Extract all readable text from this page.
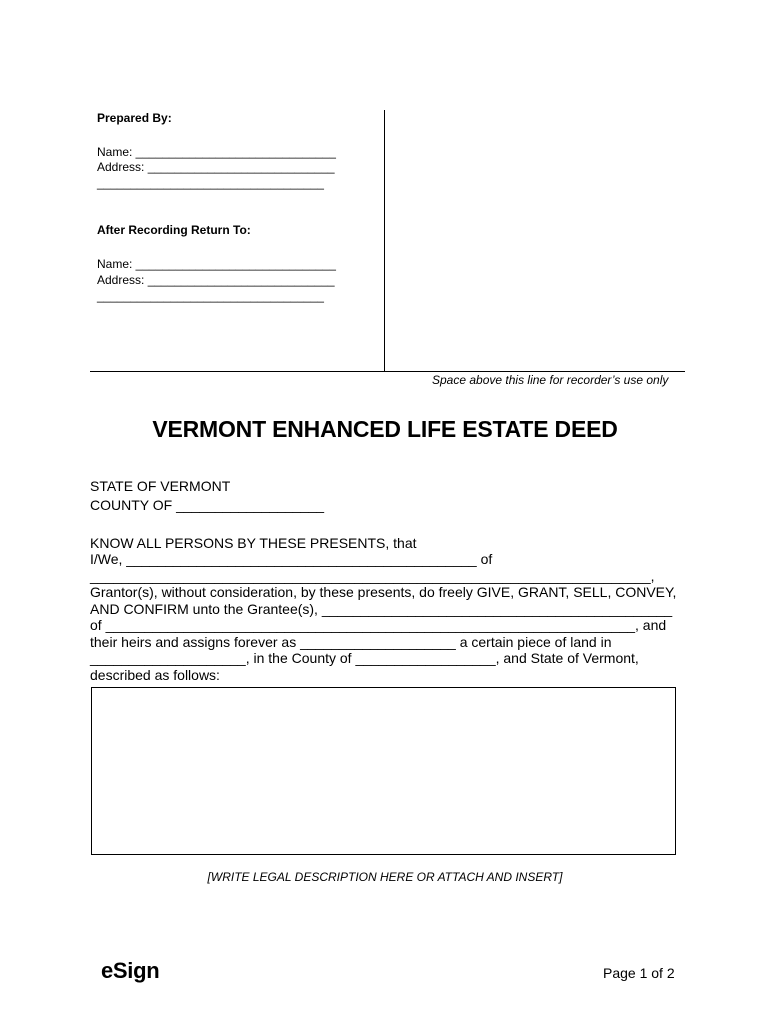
Prepared By:
Name: ______________________________
Address: ____________________________
__________________________________
After Recording Return To:
Name: ______________________________
Address: ____________________________
__________________________________
Space above this line for recorder’s use only
VERMONT ENHANCED LIFE ESTATE DEED
STATE OF VERMONT
COUNTY OF ___________________
KNOW ALL PERSONS BY THESE PRESENTS, that
I/We, _____________________________________________ of
________________________________________________________________________,
Grantor(s), without consideration, by these presents, do freely GIVE, GRANT, SELL, CONVEY,
AND CONFIRM unto the Grantee(s), _____________________________________________
of ____________________________________________________________________, and
their heirs and assigns forever as ____________________ a certain piece of land in
____________________, in the County of __________________, and State of Vermont,
described as follows:
[WRITE LEGAL DESCRIPTION HERE OR ATTACH AND INSERT]
eSign	Page 1 of 2
